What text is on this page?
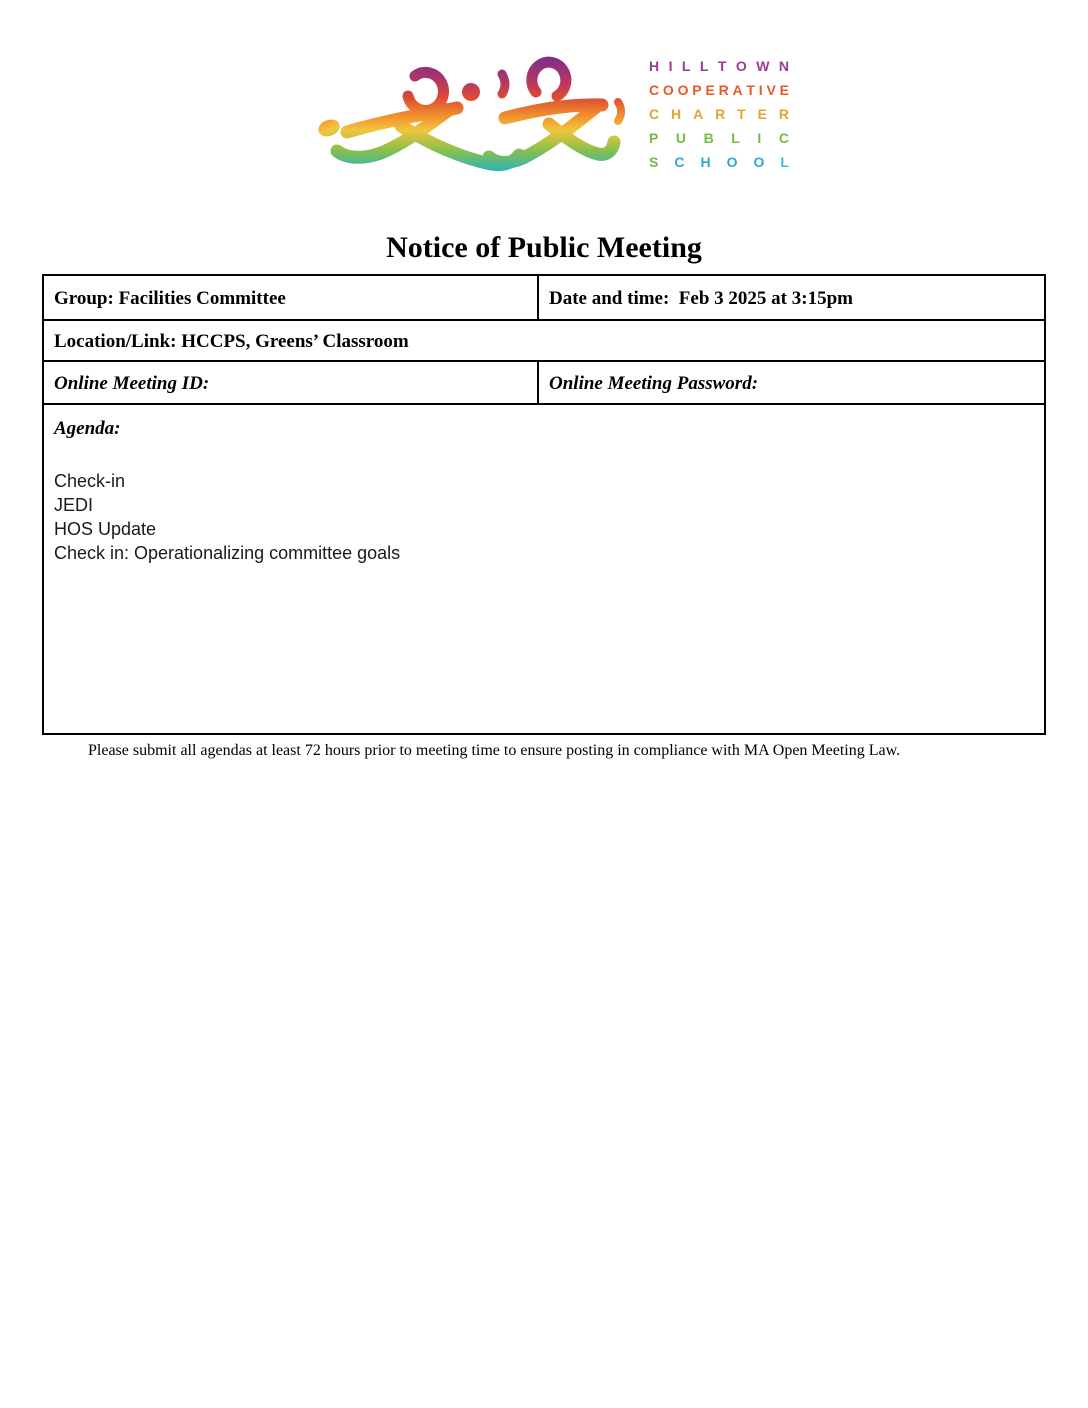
H I L L T O W N
C O O P E R A T I V E
C H A R T E R
P U B L I C
S C H O O L
Notice of Public Meeting
Group: Facilities Committee	Date and time:  Feb 3 2025 at 3:15pm
Location/Link: HCCPS, Greens’ Classroom	
Online Meeting ID:	Online Meeting Password:

Agenda:
Check-in
JEDI
HOS Update
Check in: Operationalizing committee goals	
Please submit all agendas at least 72 hours prior to meeting time to ensure posting in compliance with MA Open Meeting Law.
